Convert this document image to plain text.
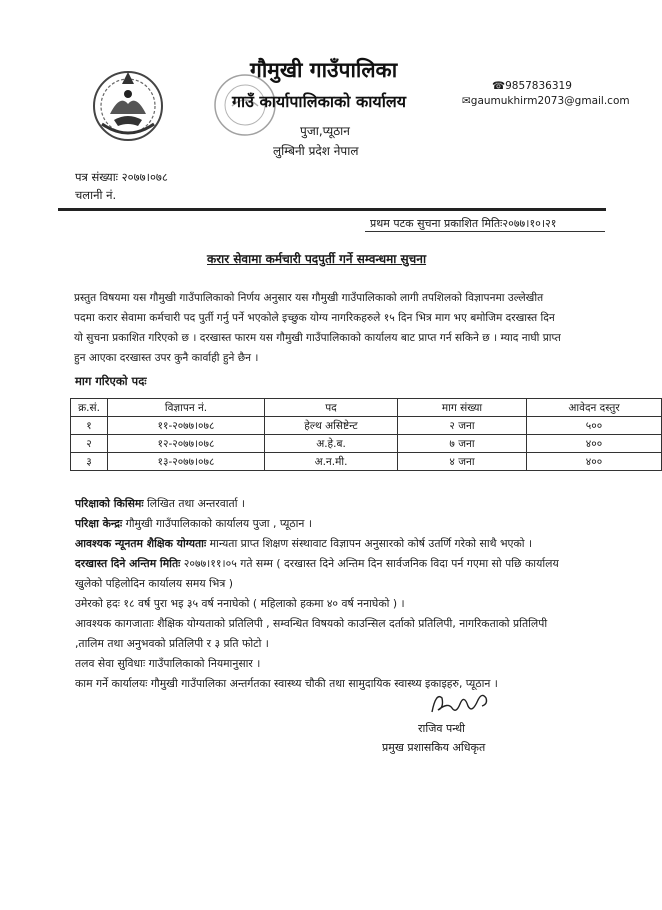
गौमुखी गाउँपालिका
गाउँ कार्यापालिकाको कार्यालय
पुजा,प्यूठान
लुम्बिनी प्रदेश नेपाल
☎9857836319
✉gaumukhirm2073@gmail.com
पत्र संख्याः २०७७।०७८
चलानी नं.
प्रथम पटक सुचना प्रकाशित मितिः२०७७।१०।२१
करार सेवामा कर्मचारी पदपुर्ती गर्ने सम्वन्धमा सुचना
प्रस्तुत विषयमा यस गौमुखी गाउँपालिकाको निर्णय अनुसार यस गौमुखी गाउँपालिकाको लागी तपशिलको विज्ञापनमा उल्लेखीत
पदमा करार सेवामा कर्मचारी पद पुर्ती गर्नु पर्ने भएकोले इच्छुक योग्य नागरिकहरुले १५ दिन भित्र माग भए बमोजिम दरखास्त दिन
यो सुचना प्रकाशित गरिएको छ । दरखास्त फारम यस गौमुखी गाउँपालिकाको कार्यालय बाट प्राप्त गर्न सकिने छ । म्याद नाघी प्राप्त
हुन आएका दरखास्त उपर कुनै कार्वाही हुने छैन ।
माग गरिएको पदः
क्र.सं.	विज्ञापन नं.	पद	माग संख्या	आवेदन दस्तुर
१	११-२०७७।०७८	हेल्थ असिष्टेन्ट	२ जना	५००
२	१२-२०७७।०७८	अ.हे.ब.	७ जना	४००
३	१३-२०७७।०७८	अ.न.मी.	४ जना	४००
परिक्षाको किसिमः लिखित तथा अन्तरवार्ता ।
परिक्षा केन्द्रः गौमुखी गाउँपालिकाको कार्यालय पुजा , प्यूठान ।
आवश्यक न्यूनतम शैक्षिक योग्यताः मान्यता प्राप्त शिक्षण संस्थावाट विज्ञापन अनुसारको कोर्ष उतर्णि गरेको साथै भएको ।
दरखास्त दिने अन्तिम मितिः २०७७।११।०५ गते सम्म ( दरखास्त दिने अन्तिम दिन सार्वजनिक विदा पर्न गएमा सो पछि कार्यालय
खुलेको पहिलोदिन कार्यालय समय भित्र )
उमेरको हदः १८ वर्ष पुरा भइ ३५ वर्ष ननाघेको ( महिलाको हकमा ४० वर्ष ननाघेको ) ।
आवश्यक कागजाताः शैक्षिक योग्यताको प्रतिलिपी , सम्वन्धित विषयको काउन्सिल दर्ताको प्रतिलिपी, नागरिकताको प्रतिलिपी
,तालिम तथा अनुभवको प्रतिलिपी र ३ प्रति फोटो ।
तलव सेवा सुविधाः गाउँपालिकाको नियमानुसार ।
काम गर्ने कार्यालयः गौमुखी गाउँपालिका अन्तर्गतका स्वास्थ्य चौकी तथा सामुदायिक स्वास्थ्य इकाइहरु, प्यूठान ।
राजिव पन्थी
प्रमुख प्रशासकिय अधिकृत
